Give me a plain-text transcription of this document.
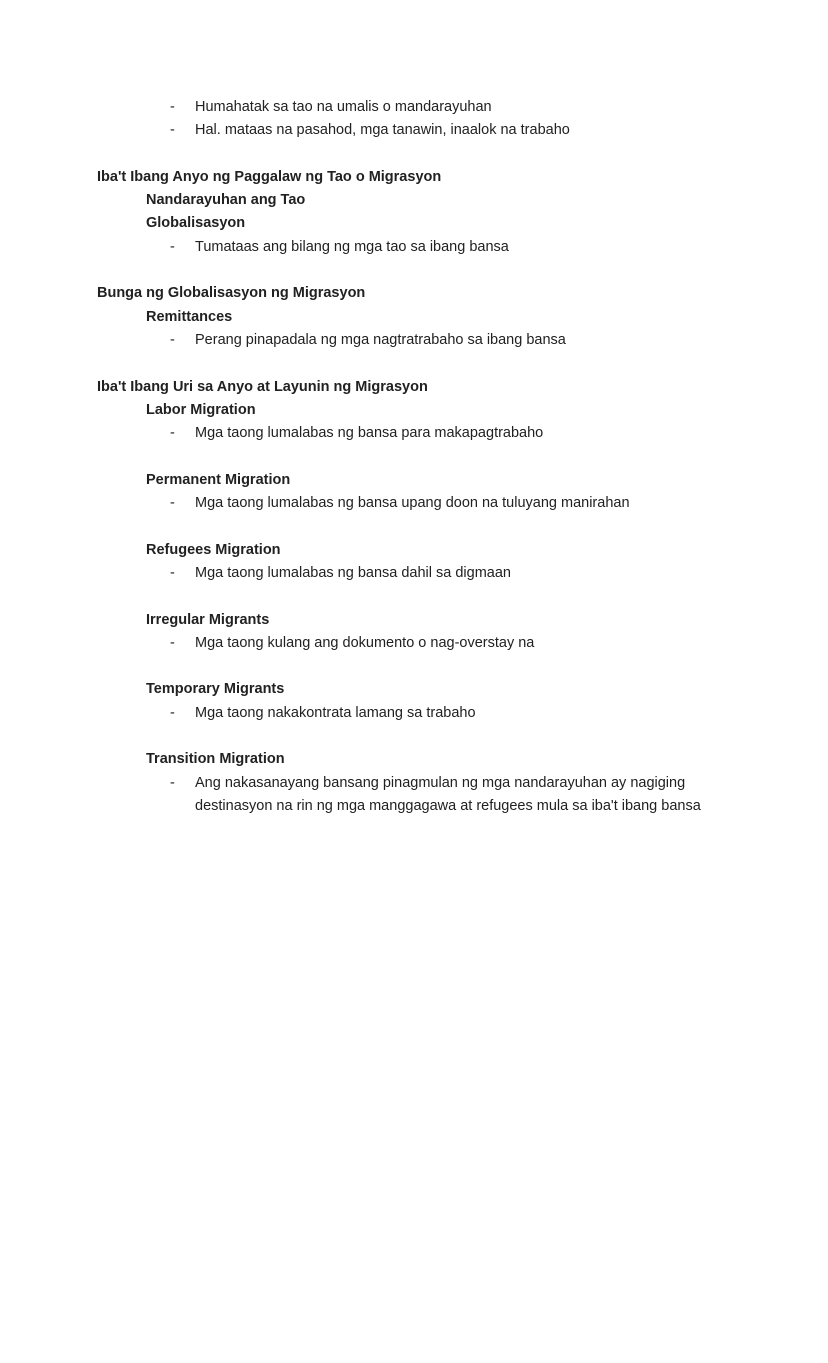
-	Humahatak sa tao na umalis o mandarayuhan
-	Hal. mataas na pasahod, mga tanawin, inaalok na trabaho
Iba't Ibang Anyo ng Paggalaw ng Tao o Migrasyon
Nandarayuhan ang Tao
Globalisasyon
-	Tumataas ang bilang ng mga tao sa ibang bansa
Bunga ng Globalisasyon ng Migrasyon
Remittances
-	Perang pinapadala ng mga nagtratrabaho sa ibang bansa
Iba't Ibang Uri sa Anyo at Layunin ng Migrasyon
Labor Migration
-	Mga taong lumalabas ng bansa para makapagtrabaho
Permanent Migration
-	Mga taong lumalabas ng bansa upang doon na tuluyang manirahan
Refugees Migration
-	Mga taong lumalabas ng bansa dahil sa digmaan
Irregular Migrants
-	Mga taong kulang ang dokumento o nag-overstay na
Temporary Migrants
-	Mga taong nakakontrata lamang sa trabaho
Transition Migration
-	Ang nakasanayang bansang pinagmulan ng mga nandarayuhan ay nagiging destinasyon na rin ng mga manggagawa at refugees mula sa iba't ibang bansa
